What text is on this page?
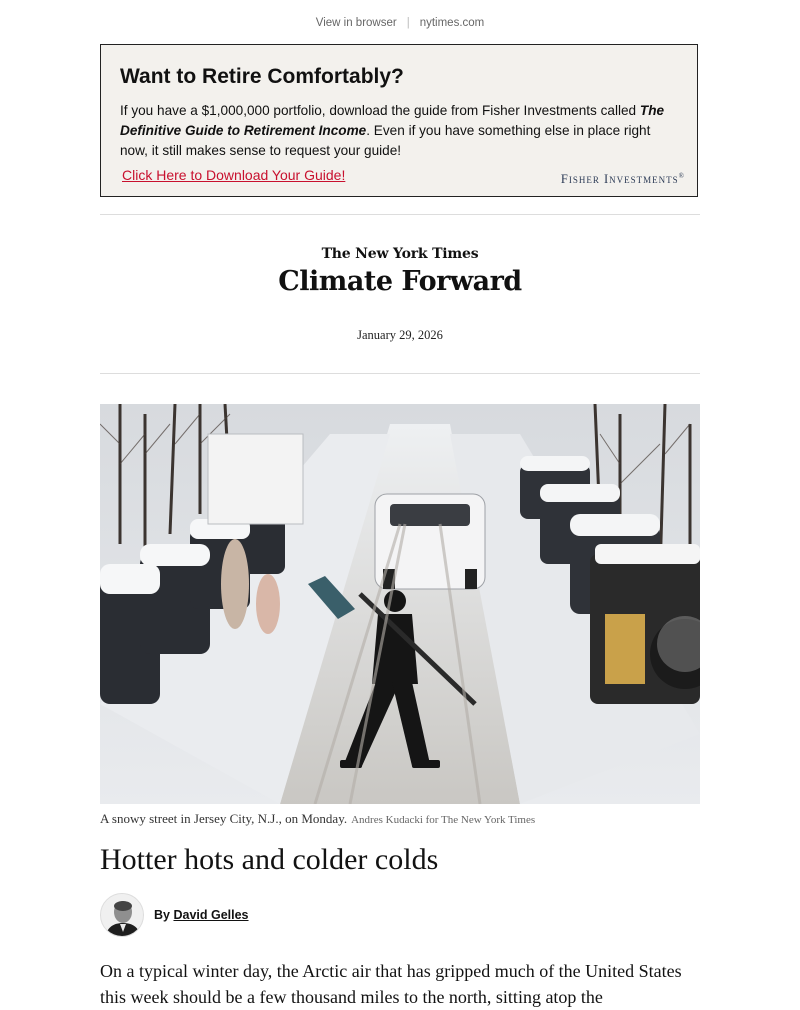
View in browser | nytimes.com
Want to Retire Comfortably?
If you have a $1,000,000 portfolio, download the guide from Fisher Investments called The Definitive Guide to Retirement Income. Even if you have something else in place right now, it still makes sense to request your guide!
Click Here to Download Your Guide!	Fisher Investments®
The New York Times
Climate Forward
January 29, 2026
A snowy street in Jersey City, N.J., on Monday. Andres Kudacki for The New York Times
Hotter hots and colder colds
By David Gelles
On a typical winter day, the Arctic air that has gripped much of the United States this week should be a few thousand miles to the north, sitting atop the
